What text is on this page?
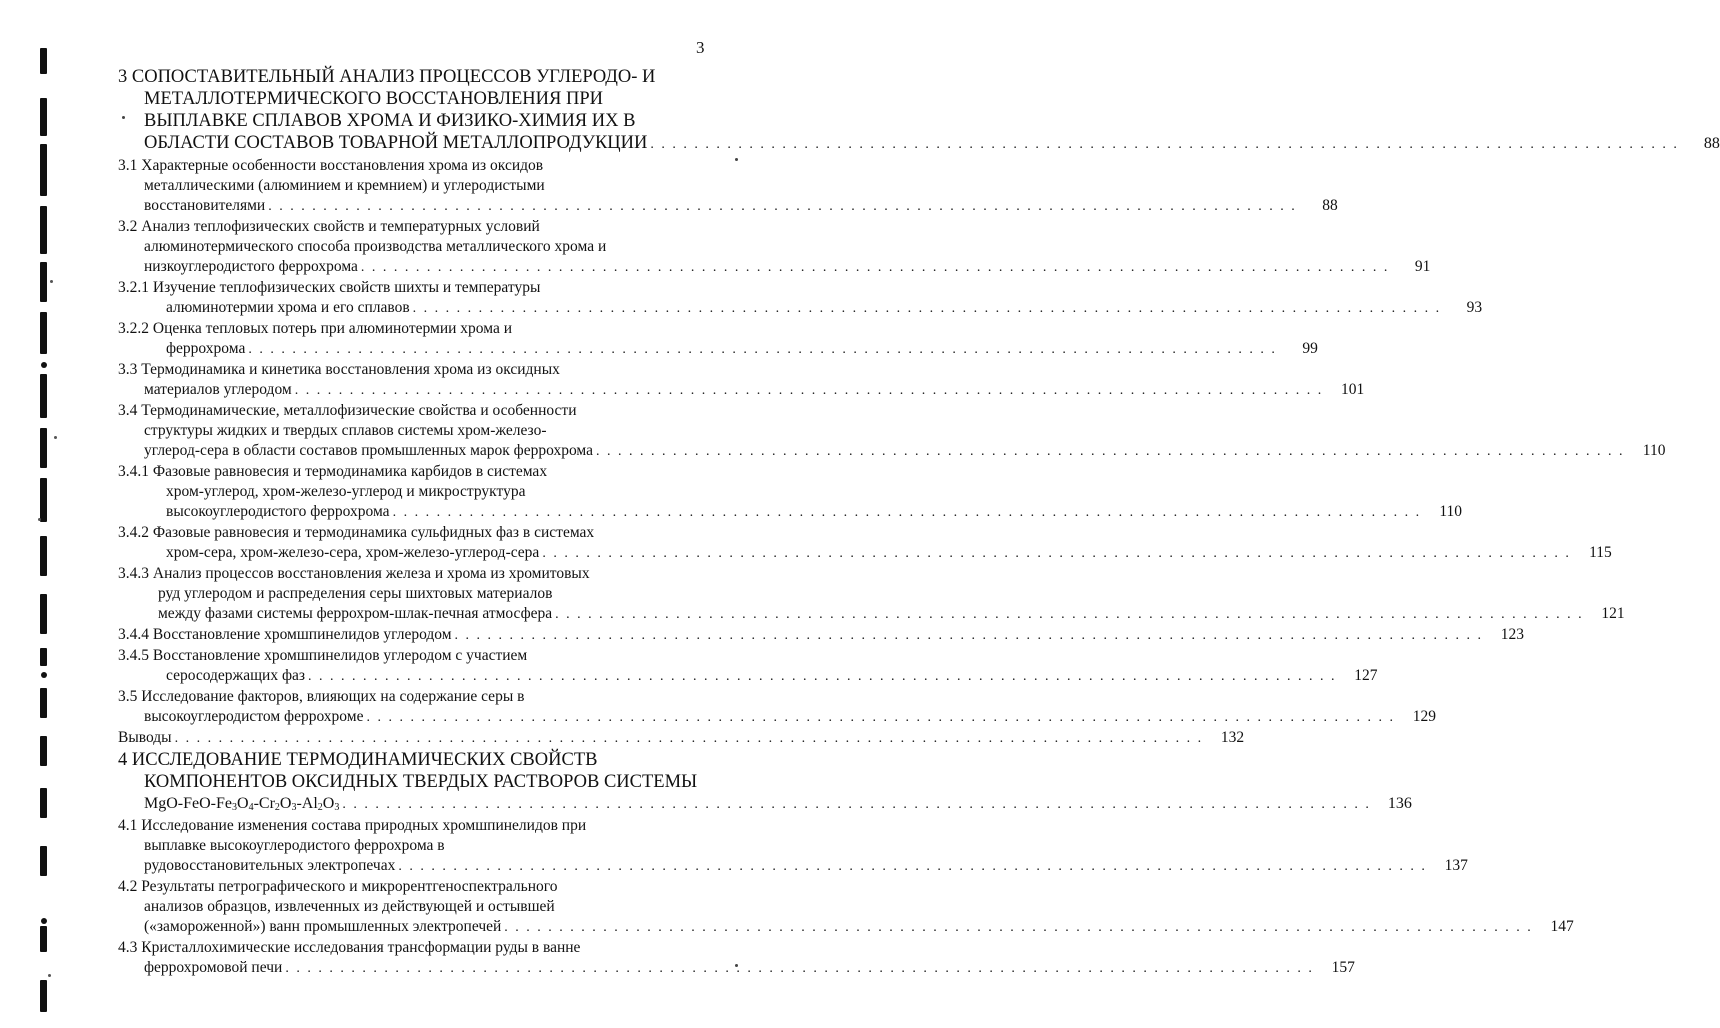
3
3 СОПОСТАВИТЕЛЬНЫЙ АНАЛИЗ ПРОЦЕССОВ УГЛЕРОДО- И
МЕТАЛЛОТЕРМИЧЕСКОГО ВОССТАНОВЛЕНИЯ ПРИ
ВЫПЛАВКЕ СПЛАВОВ ХРОМА И ФИЗИКО-ХИМИЯ ИХ В
ОБЛАСТИ СОСТАВОВ ТОВАРНОЙ МЕТАЛЛОПРОДУКЦИИ . . . . . . . . . . . . . . . . . . . . . . . . . . . . . . . . . . . . . . . . . . . . . . . . . . . . . . . . . . . . . . . . . . . . . . . . . . . . . . . . . . . . . . . . . . . . . .	88
3.1 Характерные особенности восстановления хрома из оксидов
металлическими (алюминием и кремнием) и углеродистыми
восстановителями . . . . . . . . . . . . . . . . . . . . . . . . . . . . . . . . . . . . . . . . . . . . . . . . . . . . . . . . . . . . . . . . . . . . . . . . . . . . . . . . . . . . . . . . . . . . . .	88
3.2 Анализ теплофизических свойств и температурных условий
алюминотермического способа производства металлического хрома и
низкоуглеродистого феррохрома . . . . . . . . . . . . . . . . . . . . . . . . . . . . . . . . . . . . . . . . . . . . . . . . . . . . . . . . . . . . . . . . . . . . . . . . . . . . . . . . . . . . . . . . . . . . . .	91
3.2.1 Изучение теплофизических свойств шихты и температуры
алюминотермии хрома и его сплавов . . . . . . . . . . . . . . . . . . . . . . . . . . . . . . . . . . . . . . . . . . . . . . . . . . . . . . . . . . . . . . . . . . . . . . . . . . . . . . . . . . . . . . . . . . . . . .	93
3.2.2 Оценка тепловых потерь при алюминотермии хрома и
феррохрома . . . . . . . . . . . . . . . . . . . . . . . . . . . . . . . . . . . . . . . . . . . . . . . . . . . . . . . . . . . . . . . . . . . . . . . . . . . . . . . . . . . . . . . . . . . . . .	99
3.3 Термодинамика и кинетика восстановления хрома из оксидных
материалов углеродом . . . . . . . . . . . . . . . . . . . . . . . . . . . . . . . . . . . . . . . . . . . . . . . . . . . . . . . . . . . . . . . . . . . . . . . . . . . . . . . . . . . . . . . . . . . . . .	101
3.4 Термодинамические, металлофизические свойства и особенности
структуры жидких и твердых сплавов системы хром-железо-
углерод-сера в области составов промышленных марок феррохрома . . . . . . . . . . . . . . . . . . . . . . . . . . . . . . . . . . . . . . . . . . . . . . . . . . . . . . . . . . . . . . . . . . . . . . . . . . . . . . . . . . . . . . . . . . . . . .	110
3.4.1 Фазовые равновесия и термодинамика карбидов в системах
хром-углерод, хром-железо-углерод и микроструктура
высокоуглеродистого феррохрома . . . . . . . . . . . . . . . . . . . . . . . . . . . . . . . . . . . . . . . . . . . . . . . . . . . . . . . . . . . . . . . . . . . . . . . . . . . . . . . . . . . . . . . . . . . . . .	110
3.4.2 Фазовые равновесия и термодинамика сульфидных фаз в системах
хром-сера, хром-железо-сера, хром-железо-углерод-сера . . . . . . . . . . . . . . . . . . . . . . . . . . . . . . . . . . . . . . . . . . . . . . . . . . . . . . . . . . . . . . . . . . . . . . . . . . . . . . . . . . . . . . . . . . . . . .	115
3.4.3 Анализ процессов восстановления железа и хрома из хромитовых
руд углеродом и распределения серы шихтовых материалов
между фазами системы феррохром-шлак-печная атмосфера . . . . . . . . . . . . . . . . . . . . . . . . . . . . . . . . . . . . . . . . . . . . . . . . . . . . . . . . . . . . . . . . . . . . . . . . . . . . . . . . . . . . . . . . . . . . . .	121
3.4.4 Восстановление хромшпинелидов углеродом . . . . . . . . . . . . . . . . . . . . . . . . . . . . . . . . . . . . . . . . . . . . . . . . . . . . . . . . . . . . . . . . . . . . . . . . . . . . . . . . . . . . . . . . . . . . . .	123
3.4.5 Восстановление хромшпинелидов углеродом с участием
серосодержащих фаз . . . . . . . . . . . . . . . . . . . . . . . . . . . . . . . . . . . . . . . . . . . . . . . . . . . . . . . . . . . . . . . . . . . . . . . . . . . . . . . . . . . . . . . . . . . . . .	127
3.5 Исследование факторов, влияющих на содержание серы в
высокоуглеродистом феррохроме . . . . . . . . . . . . . . . . . . . . . . . . . . . . . . . . . . . . . . . . . . . . . . . . . . . . . . . . . . . . . . . . . . . . . . . . . . . . . . . . . . . . . . . . . . . . . .	129
Выводы . . . . . . . . . . . . . . . . . . . . . . . . . . . . . . . . . . . . . . . . . . . . . . . . . . . . . . . . . . . . . . . . . . . . . . . . . . . . . . . . . . . . . . . . . . . . . .	132
4 ИССЛЕДОВАНИЕ ТЕРМОДИНАМИЧЕСКИХ СВОЙСТВ
КОМПОНЕНТОВ ОКСИДНЫХ ТВЕРДЫХ РАСТВОРОВ СИСТЕМЫ
MgO-$FeO-Fe_3O_4-Cr_2O_3-Al_2O_3$ . . . . . . . . . . . . . . . . . . . . . . . . . . . . . . . . . . . . . . . . . . . . . . . . . . . . . . . . . . . . . . . . . . . . . . . . . . . . . . . . . . . . . . . . . . . . . .	136
4.1 Исследование изменения состава природных хромшпинелидов при
выплавке высокоуглеродистого феррохрома в
рудовосстановительных электропечах . . . . . . . . . . . . . . . . . . . . . . . . . . . . . . . . . . . . . . . . . . . . . . . . . . . . . . . . . . . . . . . . . . . . . . . . . . . . . . . . . . . . . . . . . . . . . .	137
4.2 Результаты петрографического и микрорентгеноспектрального
анализов образцов, извлеченных из действующей и остывшей
(«замороженной») ванн промышленных электропечей . . . . . . . . . . . . . . . . . . . . . . . . . . . . . . . . . . . . . . . . . . . . . . . . . . . . . . . . . . . . . . . . . . . . . . . . . . . . . . . . . . . . . . . . . . . . . .	147
4.3 Кристаллохимические исследования трансформации руды в ванне
феррохромовой печи . . . . . . . . . . . . . . . . . . . . . . . . . . . . . . . . . . . . . . . . . . . . . . . . . . . . . . . . . . . . . . . . . . . . . . . . . . . . . . . . . . . . . . . . . . . . . .	157
